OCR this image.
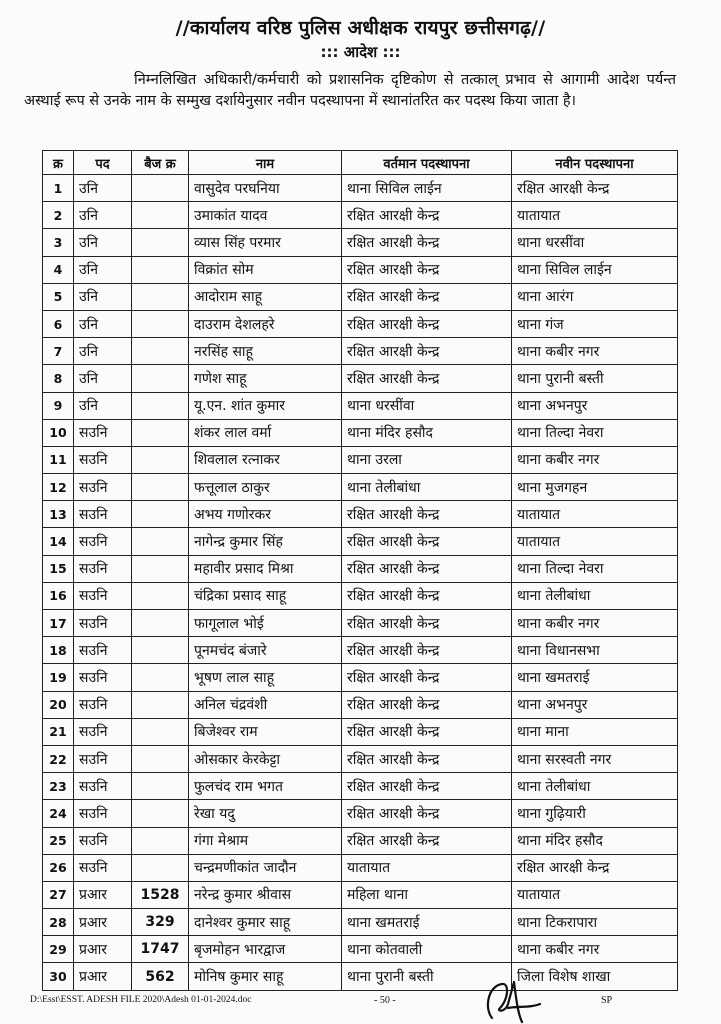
//कार्यालय वरिष्ठ पुलिस अधीक्षक रायपुर छत्तीसगढ़//
::: आदेश :::

निम्नलिखित अधिकारी/कर्मचारी को प्रशासनिक दृष्टिकोण से तत्काल् प्रभाव से आगामी आदेश पर्यन्त अस्थाई रूप से उनके नाम के सम्मुख दर्शायेनुसार नवीन पदस्थापना में स्थानांतरित कर पदस्थ किया जाता है।

क्र	पद	बैज क्र	नाम	वर्तमान पदस्थापना	नवीन पदस्थापना
1	उनि		वासुदेव परघनिया	थाना सिविल लाईन	रक्षित आरक्षी केन्द्र
2	उनि		उमाकांत यादव	रक्षित आरक्षी केन्द्र	यातायात
3	उनि		व्यास सिंह परमार	रक्षित आरक्षी केन्द्र	थाना धरसींवा
4	उनि		विक्रांत सोम	रक्षित आरक्षी केन्द्र	थाना सिविल लाईन
5	उनि		आदोराम साहू	रक्षित आरक्षी केन्द्र	थाना आरंग
6	उनि		दाउराम देशलहरे	रक्षित आरक्षी केन्द्र	थाना गंज
7	उनि		नरसिंह साहू	रक्षित आरक्षी केन्द्र	थाना कबीर नगर
8	उनि		गणेश साहू	रक्षित आरक्षी केन्द्र	थाना पुरानी बस्ती
9	उनि		यू.एन. शांत कुमार	थाना धरसींवा	थाना अभनपुर
10	सउनि		शंकर लाल वर्मा	थाना मंदिर हसौद	थाना तिल्दा नेवरा
11	सउनि		शिवलाल रत्नाकर	थाना उरला	थाना कबीर नगर
12	सउनि		फत्तूलाल ठाकुर	थाना तेलीबांधा	थाना मुजगहन
13	सउनि		अभय गणोरकर	रक्षित आरक्षी केन्द्र	यातायात
14	सउनि		नागेन्द्र कुमार सिंह	रक्षित आरक्षी केन्द्र	यातायात
15	सउनि		महावीर प्रसाद मिश्रा	रक्षित आरक्षी केन्द्र	थाना तिल्दा नेवरा
16	सउनि		चंद्रिका प्रसाद साहू	रक्षित आरक्षी केन्द्र	थाना तेलीबांधा
17	सउनि		फागूलाल भोई	रक्षित आरक्षी केन्द्र	थाना कबीर नगर
18	सउनि		पूनमचंद बंजारे	रक्षित आरक्षी केन्द्र	थाना विधानसभा
19	सउनि		भूषण लाल साहू	रक्षित आरक्षी केन्द्र	थाना खमतराई
20	सउनि		अनिल चंद्रवंशी	रक्षित आरक्षी केन्द्र	थाना अभनपुर
21	सउनि		बिजेश्वर राम	रक्षित आरक्षी केन्द्र	थाना माना
22	सउनि		ओसकार केरकेट्टा	रक्षित आरक्षी केन्द्र	थाना सरस्वती नगर
23	सउनि		फुलचंद राम भगत	रक्षित आरक्षी केन्द्र	थाना तेलीबांधा
24	सउनि		रेखा यदु	रक्षित आरक्षी केन्द्र	थाना गुढ़ियारी
25	सउनि		गंगा मेश्राम	रक्षित आरक्षी केन्द्र	थाना मंदिर हसौद
26	सउनि		चन्द्रमणीकांत जादौन	यातायात	रक्षित आरक्षी केन्द्र
27	प्रआर	1528	नरेन्द्र कुमार श्रीवास	महिला थाना	यातायात
28	प्रआर	329	दानेश्वर कुमार साहू	थाना खमतराई	थाना टिकरापारा
29	प्रआर	1747	बृजमोहन भारद्वाज	थाना कोतवाली	थाना कबीर नगर
30	प्रआर	562	मोनिष कुमार साहू	थाना पुरानी बस्ती	जिला विशेष शाखा
D:\Esst\ESST. ADESH FILE 2020\Adesh 01-01-2024.doc	- 50 -	SP
